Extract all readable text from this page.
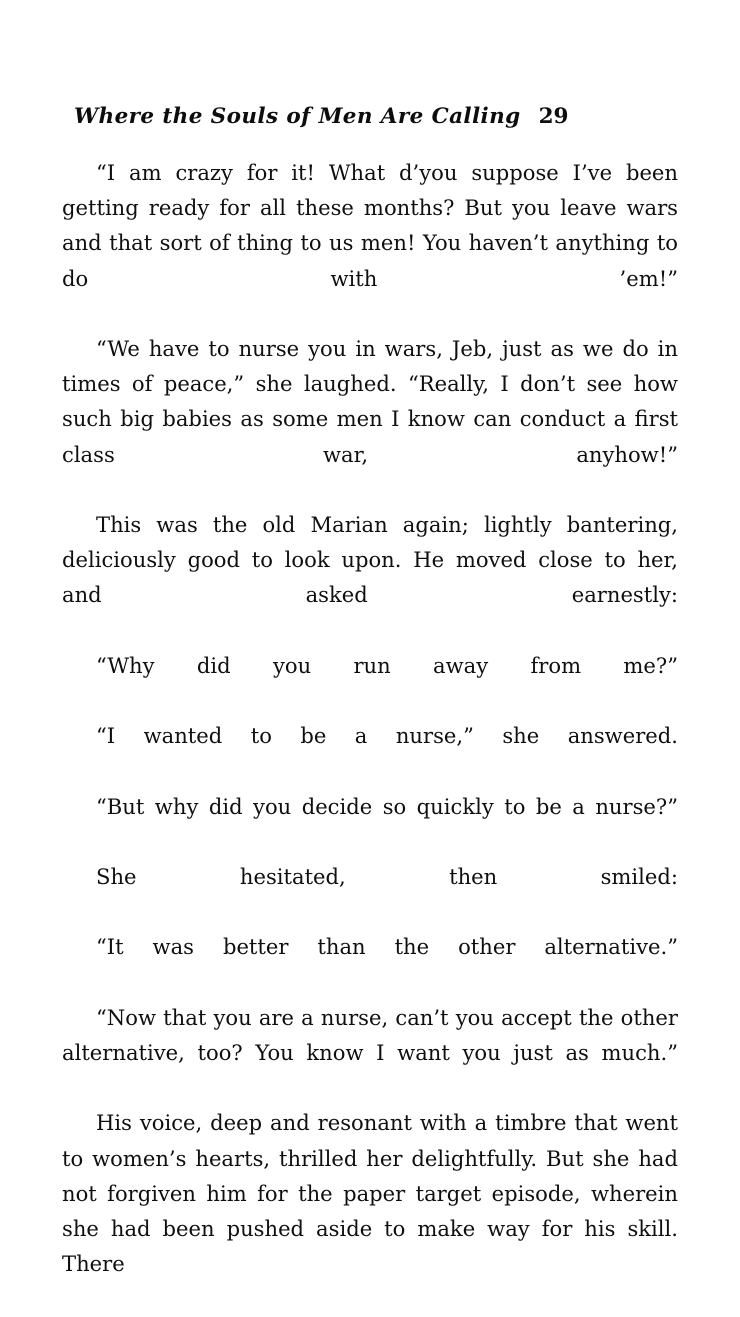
Where the Souls of Men Are Calling 29

“I am crazy for it! What d’you suppose I’ve been getting ready for all these months? But you leave wars and that sort of thing to us men! You haven’t anything to do with ’em!”

“We have to nurse you in wars, Jeb, just as we do in times of peace,” she laughed. “Really, I don’t see how such big babies as some men I know can conduct a first class war, anyhow!”

This was the old Marian again; lightly bantering, deliciously good to look upon. He moved close to her, and asked earnestly:

“Why did you run away from me?”

“I wanted to be a nurse,” she answered.

“But why did you decide so quickly to be a nurse?”

She hesitated, then smiled:

“It was better than the other alternative.”

“Now that you are a nurse, can’t you accept the other alternative, too? You know I want you just as much.”

His voice, deep and resonant with a timbre that went to women’s hearts, thrilled her delightfully. But she had not forgiven him for the paper target episode, wherein she had been pushed aside to make way for his skill. There
